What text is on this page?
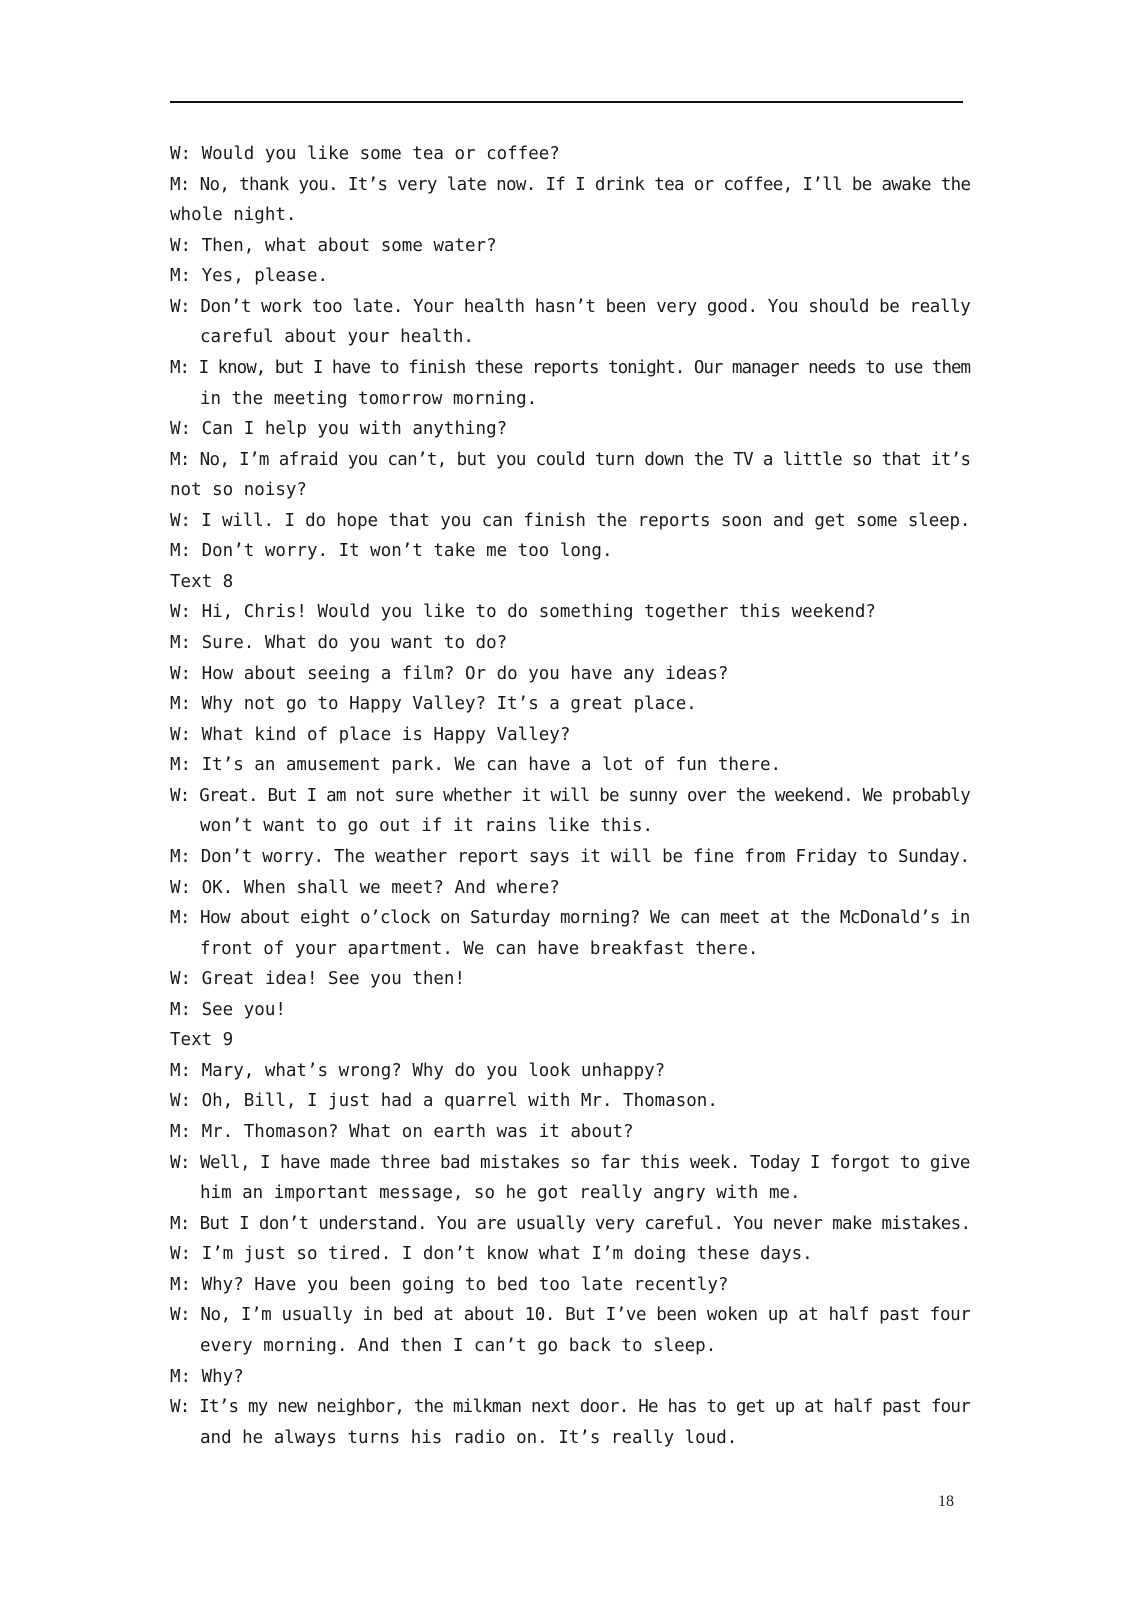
W: Would you like some tea or coffee?
M: No, thank you. It’s very late now. If I drink tea or coffee, I’ll be awake the
whole night.
W: Then, what about some water?
M: Yes, please.
W: Don’t work too late. Your health hasn’t been very good. You should be really
careful about your health.
M: I know, but I have to finish these reports tonight. Our manager needs to use them
in the meeting tomorrow morning.
W: Can I help you with anything?
M: No, I’m afraid you can’t, but you could turn down the TV a little so that it’s
not so noisy?
W: I will. I do hope that you can finish the reports soon and get some sleep.
M: Don’t worry. It won’t take me too long.
Text 8
W: Hi, Chris! Would you like to do something together this weekend?
M: Sure. What do you want to do?
W: How about seeing a film? Or do you have any ideas?
M: Why not go to Happy Valley? It’s a great place.
W: What kind of place is Happy Valley?
M: It’s an amusement park. We can have a lot of fun there.
W: Great. But I am not sure whether it will be sunny over the weekend. We probably
won’t want to go out if it rains like this.
M: Don’t worry. The weather report says it will be fine from Friday to Sunday.
W: OK. When shall we meet? And where?
M: How about eight o’clock on Saturday morning? We can meet at the McDonald’s in
front of your apartment. We can have breakfast there.
W: Great idea! See you then!
M: See you!
Text 9
M: Mary, what’s wrong? Why do you look unhappy?
W: Oh, Bill, I just had a quarrel with Mr. Thomason.
M: Mr. Thomason? What on earth was it about?
W: Well, I have made three bad mistakes so far this week. Today I forgot to give
him an important message, so he got really angry with me.
M: But I don’t understand. You are usually very careful. You never make mistakes.
W: I’m just so tired. I don’t know what I’m doing these days.
M: Why? Have you been going to bed too late recently?
W: No, I’m usually in bed at about 10. But I’ve been woken up at half past four
every morning. And then I can’t go back to sleep.
M: Why?
W: It’s my new neighbor, the milkman next door. He has to get up at half past four
and he always turns his radio on. It’s really loud.
18
